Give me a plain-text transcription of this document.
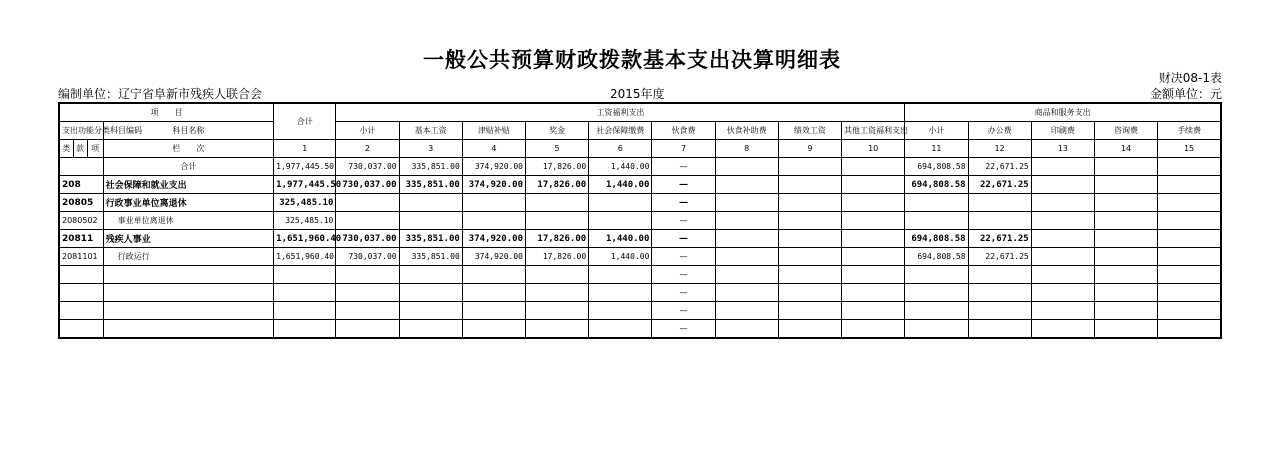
一般公共预算财政拨款基本支出决算明细表
财决08-1表
编制单位：辽宁省阜新市残疾人联合会	2015年度	金额单位：元
项　　目				合计	工资福利支出									商品和服务支出				
支出功能分类科目编码			科目名称		小计	基本工资	津贴补贴	奖金	社会保障缴费	伙食费	伙食补助费	绩效工资	其他工资福利支出	小计	办公费	印刷费	咨询费	手续费
类	款	项	栏　　次	1	2	3	4	5	6	7	8	9	10	11	12	13	14	15
			合计	1,977,445.50	730,037.00	335,851.00	374,920.00	17,826.00	1,440.00	—				694,808.58	22,671.25			
208			社会保障和就业支出	1,977,445.50	730,037.00	335,851.00	374,920.00	17,826.00	1,440.00	—				694,808.58	22,671.25			
20805			行政事业单位离退休	325,485.10						—								
2080502			事业单位离退休	325,485.10						—								
20811			残疾人事业	1,651,960.40	730,037.00	335,851.00	374,920.00	17,826.00	1,440.00	—				694,808.58	22,671.25			
2081101			行政运行	1,651,960.40	730,037.00	335,851.00	374,920.00	17,826.00	1,440.00	—				694,808.58	22,671.25			
										—								
										—								
										—								
										—								
